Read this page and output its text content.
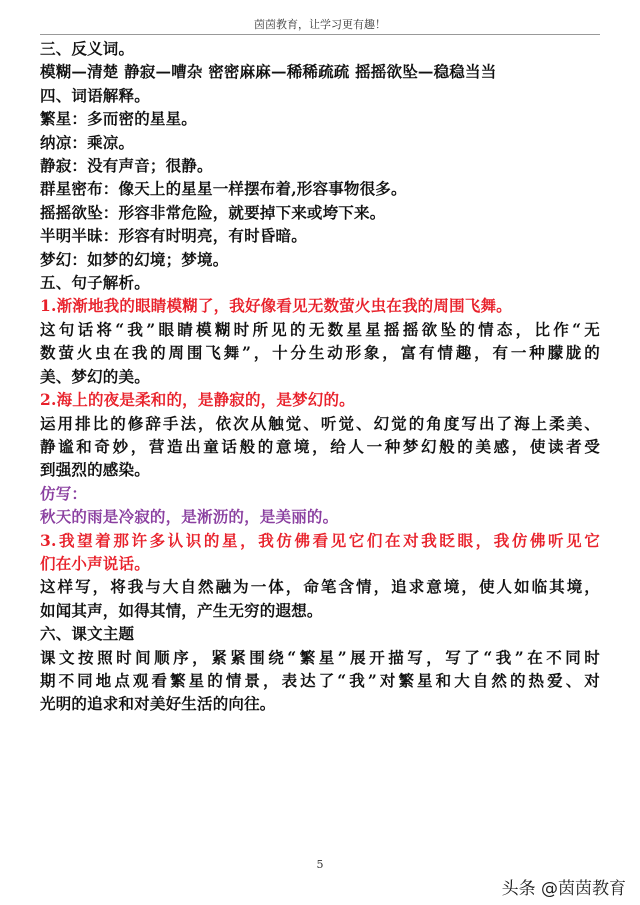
茵茵教育，让学习更有趣！
三、反义词。
模糊—清楚 静寂—嘈杂 密密麻麻—稀稀疏疏 摇摇欲坠—稳稳当当
四、词语解释。
繁星：多而密的星星。
纳凉：乘凉。
静寂：没有声音；很静。
群星密布：像天上的星星一样摆布着,形容事物很多。
摇摇欲坠：形容非常危险，就要掉下来或垮下来。
半明半昧：形容有时明亮，有时昏暗。
梦幻：如梦的幻境；梦境。
五、句子解析。
1.渐渐地我的眼睛模糊了，我好像看见无数萤火虫在我的周围飞舞。
这句话将“我”眼睛模糊时所见的无数星星摇摇欲坠的情态，比作“无
数萤火虫在我的周围飞舞”，十分生动形象，富有情趣，有一种朦胧的
美、梦幻的美。
2.海上的夜是柔和的，是静寂的，是梦幻的。
运用排比的修辞手法，依次从触觉、听觉、幻觉的角度写出了海上柔美、
静谧和奇妙，营造出童话般的意境，给人一种梦幻般的美感，使读者受
到强烈的感染。
仿写：
秋天的雨是冷寂的，是淅沥的，是美丽的。
3.我望着那许多认识的星，我仿佛看见它们在对我眨眼，我仿佛听见它
们在小声说话。
这样写，将我与大自然融为一体，命笔含情，追求意境，使人如临其境，
如闻其声，如得其情，产生无穷的遐想。
六、课文主题
课文按照时间顺序，紧紧围绕“繁星”展开描写，写了“我”在不同时
期不同地点观看繁星的情景，表达了“我”对繁星和大自然的热爱、对
光明的追求和对美好生活的向往。
5
头条 @茵茵教育
